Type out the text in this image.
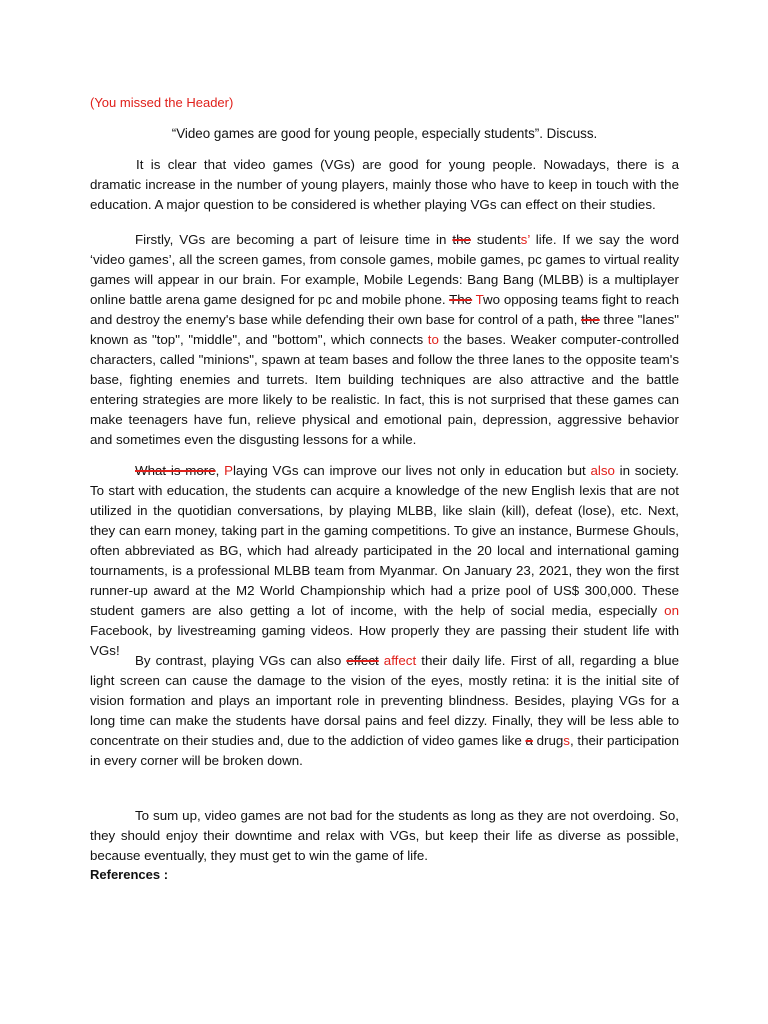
(You missed the Header)
“Video games are good for young people, especially students”. Discuss.

It is clear that video games (VGs) are good for young people. Nowadays, there is a dramatic increase in the number of young players, mainly those who have to keep in touch with the education. A major question to be considered is whether playing VGs can effect on their studies.

Firstly, VGs are becoming a part of leisure time in the students’ life. If we say the word ‘video games’, all the screen games, from console games, mobile games, pc games to virtual reality games will appear in our brain. For example, Mobile Legends: Bang Bang (MLBB) is a multiplayer online battle arena game designed for pc and mobile phone. The Two opposing teams fight to reach and destroy the enemy's base while defending their own base for control of a path, the three "lanes" known as "top", "middle", and "bottom", which connects to the bases. Weaker computer-controlled characters, called "minions", spawn at team bases and follow the three lanes to the opposite team's base, fighting enemies and turrets. Item building techniques are also attractive and the battle entering strategies are more likely to be realistic. In fact, this is not surprised that these games can make teenagers have fun, relieve physical and emotional pain, depression, aggressive behavior and sometimes even the disgusting lessons for a while.

What is more, Playing VGs can improve our lives not only in education but also in society. To start with education, the students can acquire a knowledge of the new English lexis that are not utilized in the quotidian conversations, by playing MLBB, like slain (kill), defeat (lose), etc. Next, they can earn money, taking part in the gaming competitions. To give an instance, Burmese Ghouls, often abbreviated as BG, which had already participated in the 20 local and international gaming tournaments, is a professional MLBB team from Myanmar. On January 23, 2021, they won the first runner-up award at the M2 World Championship which had a prize pool of US$ 300,000. These student gamers are also getting a lot of income, with the help of social media, especially on Facebook, by livestreaming gaming videos. How properly they are passing their student life with VGs!

By contrast, playing VGs can also effect affect their daily life. First of all, regarding a blue light screen can cause the damage to the vision of the eyes, mostly retina: it is the initial site of vision formation and plays an important role in preventing blindness. Besides, playing VGs for a long time can make the students have dorsal pains and feel dizzy. Finally, they will be less able to concentrate on their studies and, due to the addiction of video games like a drugs, their participation in every corner will be broken down.

To sum up, video games are not bad for the students as long as they are not overdoing. So, they should enjoy their downtime and relax with VGs, but keep their life as diverse as possible, because eventually, they must get to win the game of life.

References :
